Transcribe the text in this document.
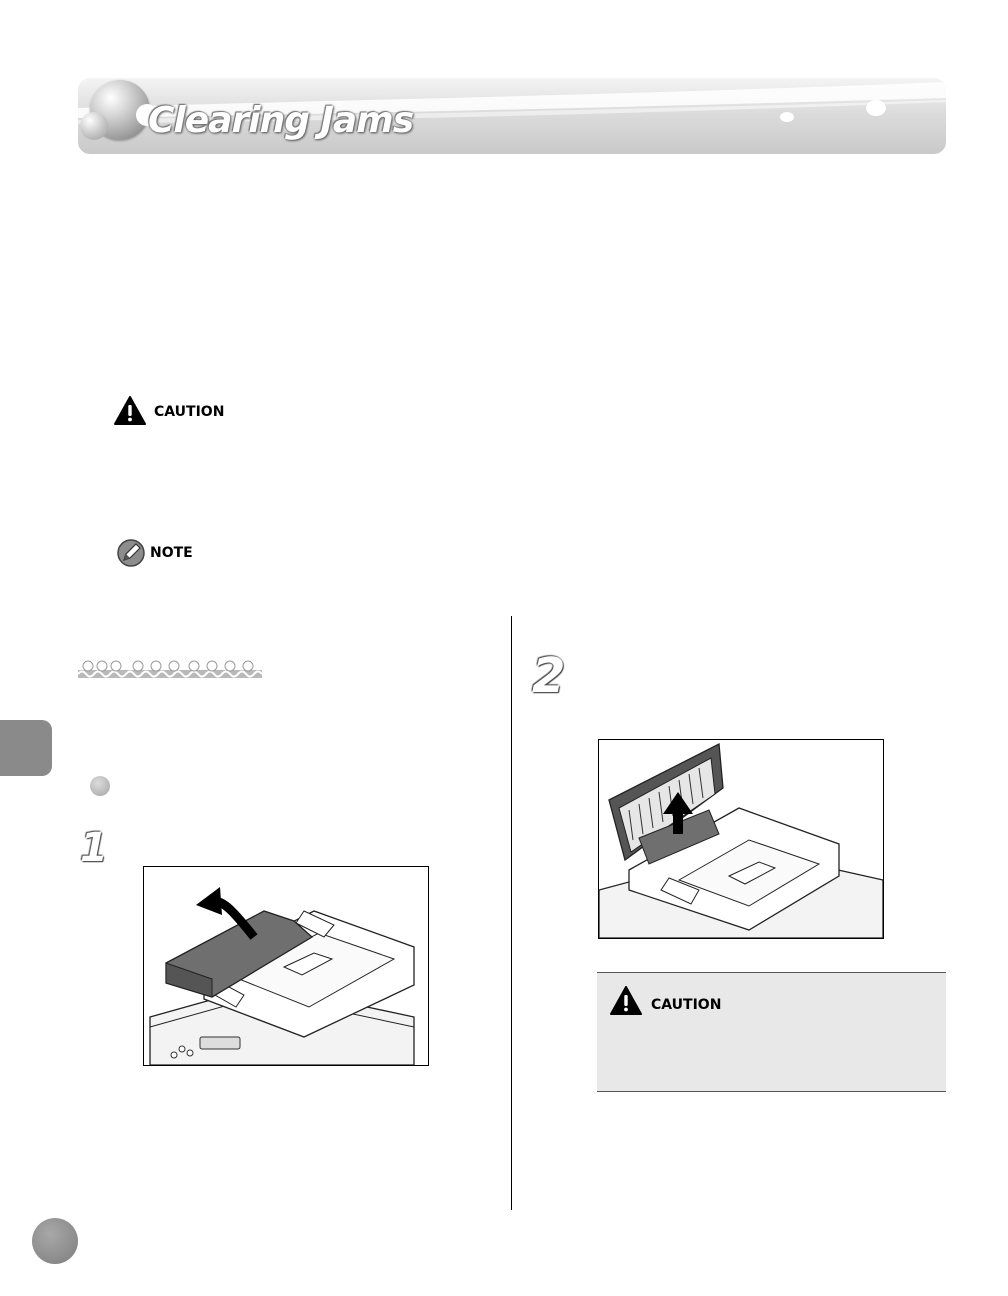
Clearing Jams
CAUTION
NOTE
1
2
CAUTION
